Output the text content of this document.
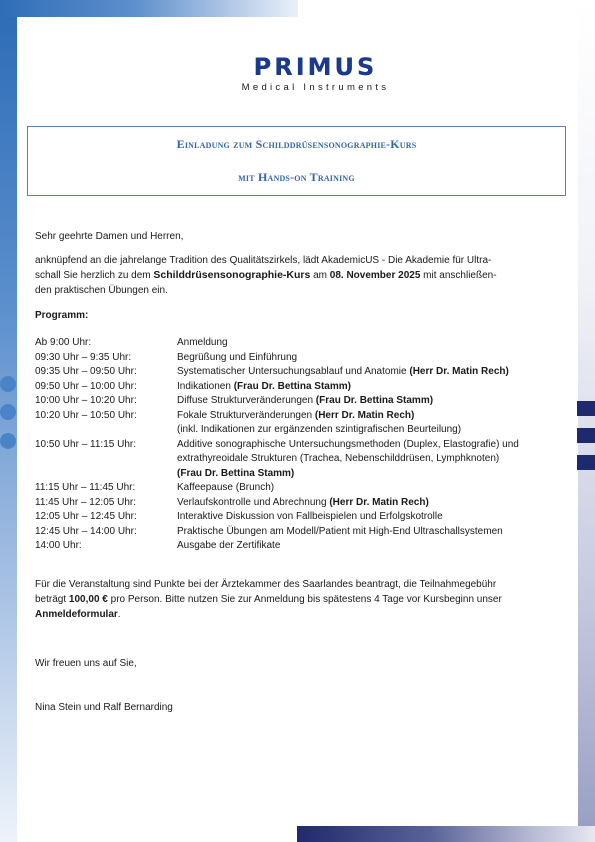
PRIMUS
Medical Instruments
Einladung zum Schilddrüsensonographie-Kurs
mit Hands-on Training
Sehr geehrte Damen und Herren,
anknüpfend an die jahrelange Tradition des Qualitätszirkels, lädt AkademicUS - Die Akademie für Ultra-
schall Sie herzlich zu dem Schilddrüsensonographie-Kurs am 08. November 2025 mit anschließen-
den praktischen Übungen ein.
Programm:
Ab 9:00 Uhr:	Anmeldung
09:30 Uhr – 9:35 Uhr:	Begrüßung und Einführung
09:35 Uhr – 09:50 Uhr:	Systematischer Untersuchungsablauf und Anatomie (Herr Dr. Matin Rech)
09:50 Uhr – 10:00 Uhr:	Indikationen (Frau Dr. Bettina Stamm)
10:00 Uhr – 10:20 Uhr:	Diffuse Strukturveränderungen (Frau Dr. Bettina Stamm)
10:20 Uhr – 10:50 Uhr:	Fokale Strukturveränderungen (Herr Dr. Matin Rech)
(inkl. Indikationen zur ergänzenden szintigrafischen Beurteilung)
10:50 Uhr – 11:15 Uhr:	Additive sonographische Untersuchungsmethoden (Duplex, Elastografie) und
extrathyreoidale Strukturen (Trachea, Nebenschilddrüsen, Lymphknoten)
(Frau Dr. Bettina Stamm)
11:15 Uhr – 11:45 Uhr:	Kaffeepause (Brunch)
11:45 Uhr – 12:05 Uhr:	Verlaufskontrolle und Abrechnung (Herr Dr. Matin Rech)
12:05 Uhr – 12:45 Uhr:	Interaktive Diskussion von Fallbeispielen und Erfolgskotrolle
12:45 Uhr – 14:00 Uhr:	Praktische Übungen am Modell/Patient mit High-End Ultraschallsystemen
14:00 Uhr:	Ausgabe der Zertifikate
Für die Veranstaltung sind Punkte bei der Ärztekammer des Saarlandes beantragt, die Teilnahmegebühr
beträgt 100,00 € pro Person. Bitte nutzen Sie zur Anmeldung bis spätestens 4 Tage vor Kursbeginn unser
Anmeldeformular.
Wir freuen uns auf Sie,
Nina Stein und Ralf Bernarding
